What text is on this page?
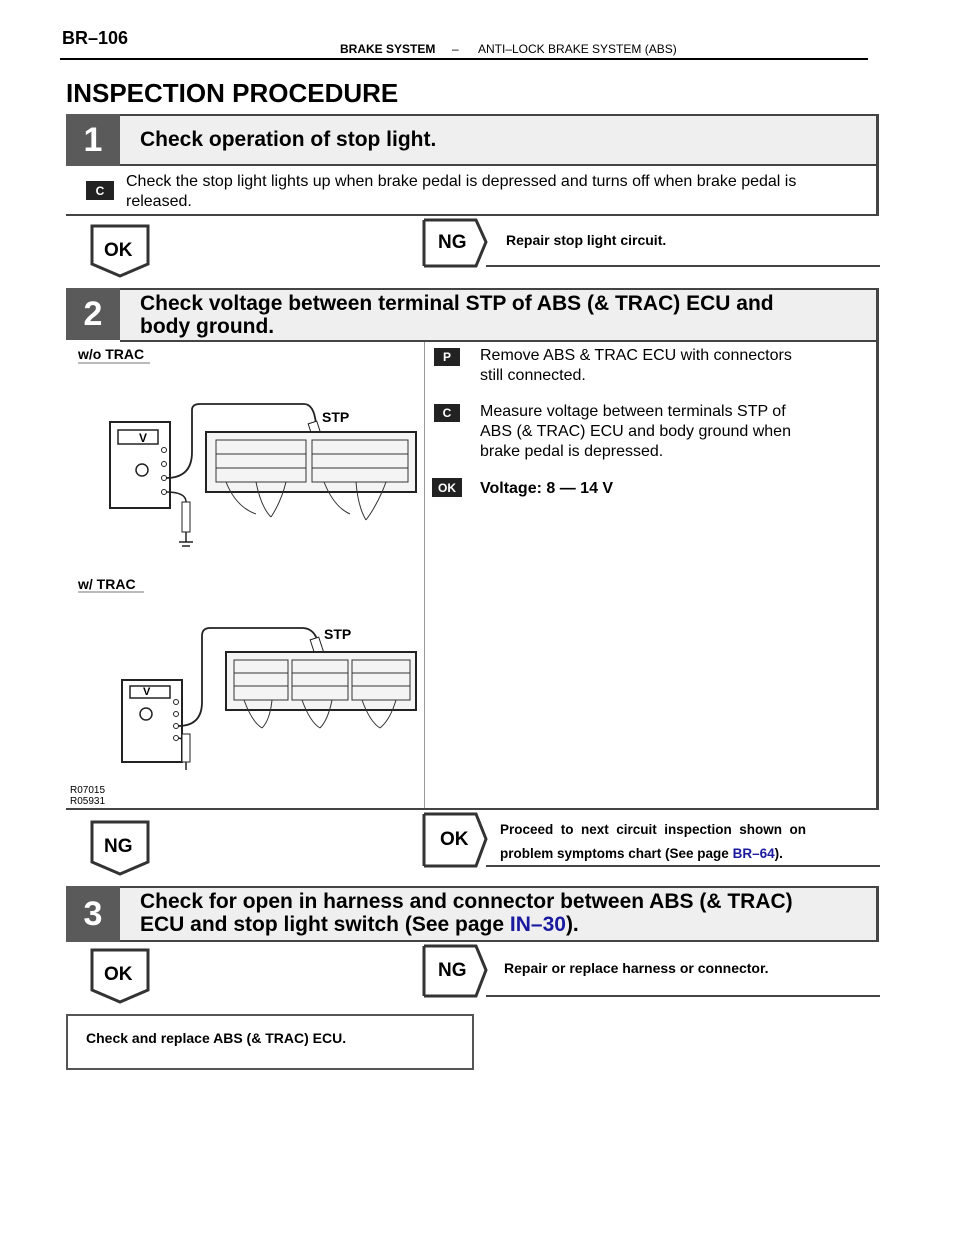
BR–106
BRAKE SYSTEM – ANTI–LOCK BRAKE SYSTEM (ABS)
INSPECTION PROCEDURE
1	Check operation of stop light.
C
Check the stop light lights up when brake pedal is depressed and turns off when brake pedal is released.
OK	NG	Repair stop light circuit.
2	Check voltage between terminal STP of ABS (& TRAC) ECU and
body ground.
w/o TRAC
w/ TRAC
STP
STP
V
V
R07015
R05931
P	Remove ABS & TRAC ECU with connectors
still connected.
C	Measure voltage between terminals STP of
ABS (& TRAC) ECU and body ground when
brake pedal is depressed.
OK	Voltage: 8 — 14 V
NG	OK Proceed  to  next  circuit  inspection  shown  on
problem symptoms chart (See page BR–64).
3	Check for open in harness and connector between ABS (& TRAC)
ECU and stop light switch (See page IN–30).
OK	NG	Repair or replace harness or connector.
Check and replace ABS (& TRAC) ECU.
